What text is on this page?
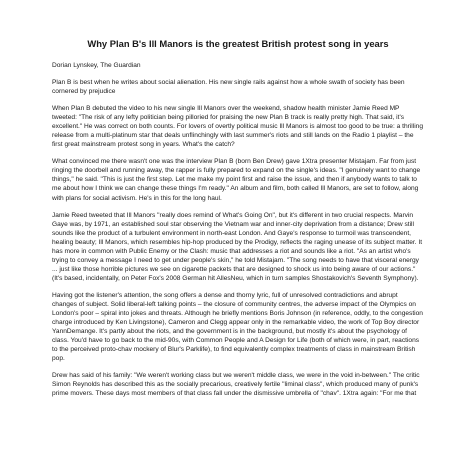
Why Plan B's Ill Manors is the greatest British protest song in years
Dorian Lynskey, The Guardian
Plan B is best when he writes about social alienation. His new single rails against how a whole swath of society has been cornered by prejudice
When Plan B debuted the video to his new single Ill Manors over the weekend, shadow health minister Jamie Reed MP tweeted: "The risk of any lefty politician being pilloried for praising the new Plan B track is really pretty high. That said, it's excellent." He was correct on both counts. For lovers of overtly political music Ill Manors is almost too good to be true: a thrilling release from a multi-platinum star that deals unflinchingly with last summer's riots and still lands on the Radio 1 playlist – the first great mainstream protest song in years. What's the catch?
What convinced me there wasn't one was the interview Plan B (born Ben Drew) gave 1Xtra presenter Mistajam. Far from just ringing the doorbell and running away, the rapper is fully prepared to expand on the single's ideas. "I genuinely want to change things," he said. "This is just the first step. Let me make my point first and raise the issue, and then if anybody wants to talk to me about how I think we can change these things I'm ready." An album and film, both called Ill Manors, are set to follow, along with plans for social activism. He's in this for the long haul.
Jamie Reed tweeted that Ill Manors "really does remind of What's Going On", but it's different in two crucial respects. Marvin Gaye was, by 1971, an established soul star observing the Vietnam war and inner-city deprivation from a distance; Drew still sounds like the product of a turbulent environment in north-east London. And Gaye's response to turmoil was transcendent, healing beauty; Ill Manors, which resembles hip-hop produced by the Prodigy, reflects the raging unease of its subject matter. It has more in common with Public Enemy or the Clash: music that addresses a riot and sounds like a riot. "As an artist who's trying to convey a message I need to get under people's skin," he told Mistajam. "The song needs to have that visceral energy ... just like those horrible pictures we see on cigarette packets that are designed to shock us into being aware of our actions." (It's based, incidentally, on Peter Fox's 2008 German hit AllesNeu, which in turn samples Shostakovich's Seventh Symphony).
Having got the listener's attention, the song offers a dense and thorny lyric, full of unresolved contradictions and abrupt changes of subject. Solid liberal-left talking points – the closure of community centres, the adverse impact of the Olympics on London's poor – spiral into jokes and threats. Although he briefly mentions Boris Johnson (in reference, oddly, to the congestion charge introduced by Ken Livingstone), Cameron and Clegg appear only in the remarkable video, the work of Top Boy director YannDemange. It's partly about the riots, and the government is in the background, but mostly it's about the psychology of class. You'd have to go back to the mid-90s, with Common People and A Design for Life (both of which were, in part, reactions to the perceived proto-chav mockery of Blur's Parklife), to find equivalently complex treatments of class in mainstream British pop.
Drew has said of his family: "We weren't working class but we weren't middle class, we were in the void in-between." The critic Simon Reynolds has described this as the socially precarious, creatively fertile "liminal class", which produced many of punk's prime movers. These days most members of that class fall under the dismissive umbrella of "chav". 1Xtra again: "For me that
